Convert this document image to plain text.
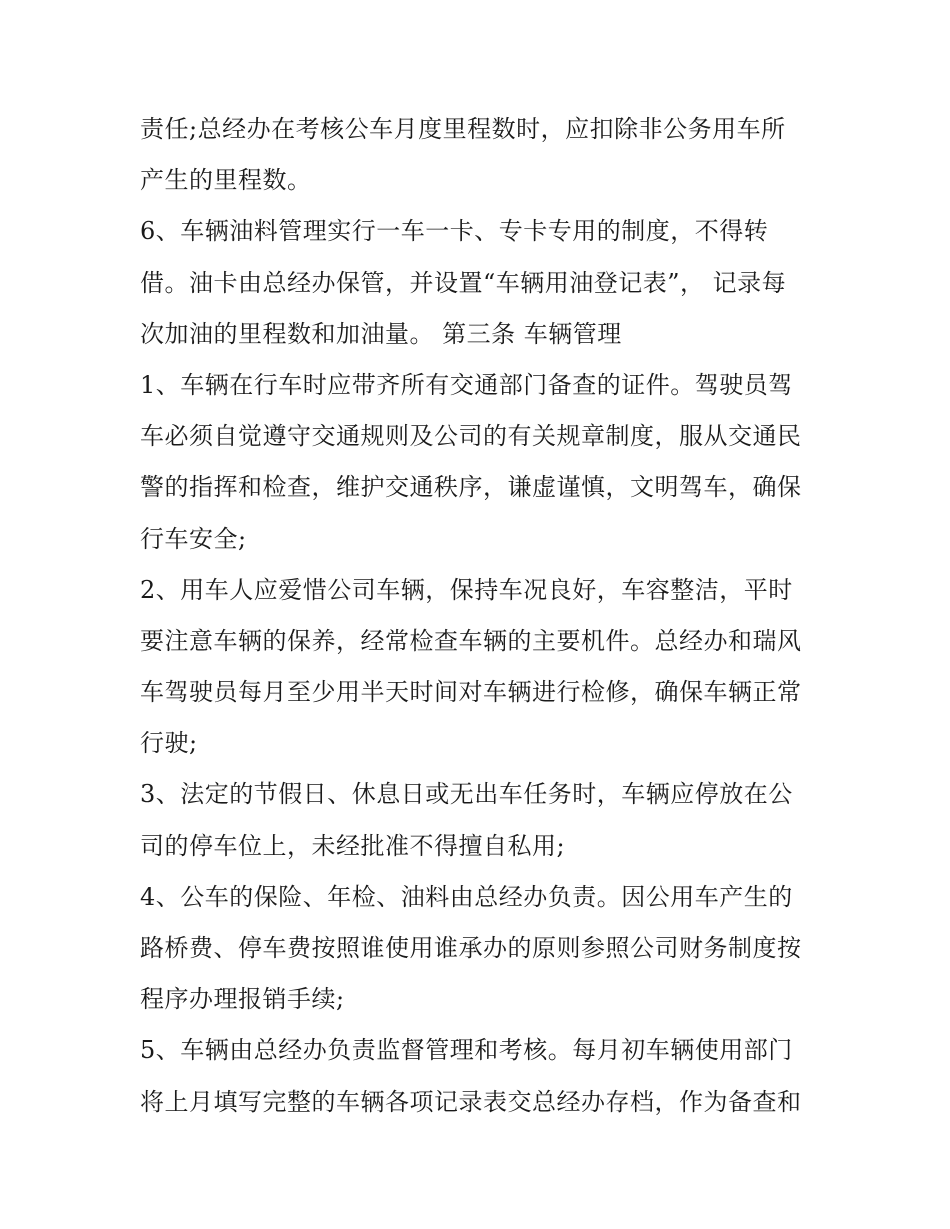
责任;总经办在考核公车月度里程数时，应扣除非公务用车所
产生的里程数。
6、车辆油料管理实行一车一卡、专卡专用的制度，不得转
借。油卡由总经办保管，并设置“车辆用油登记表”， 记录每
次加油的里程数和加油量。 第三条 车辆管理
1、车辆在行车时应带齐所有交通部门备查的证件。驾驶员驾
车必须自觉遵守交通规则及公司的有关规章制度，服从交通民
警的指挥和检查，维护交通秩序，谦虚谨慎，文明驾车，确保
行车安全;
2、用车人应爱惜公司车辆，保持车况良好，车容整洁，平时
要注意车辆的保养，经常检查车辆的主要机件。总经办和瑞风
车驾驶员每月至少用半天时间对车辆进行检修，确保车辆正常
行驶;
3、法定的节假日、休息日或无出车任务时，车辆应停放在公
司的停车位上，未经批准不得擅自私用;
4、公车的保险、年检、油料由总经办负责。因公用车产生的
路桥费、停车费按照谁使用谁承办的原则参照公司财务制度按
程序办理报销手续;
5、车辆由总经办负责监督管理和考核。每月初车辆使用部门
将上月填写完整的车辆各项记录表交总经办存档，作为备查和
